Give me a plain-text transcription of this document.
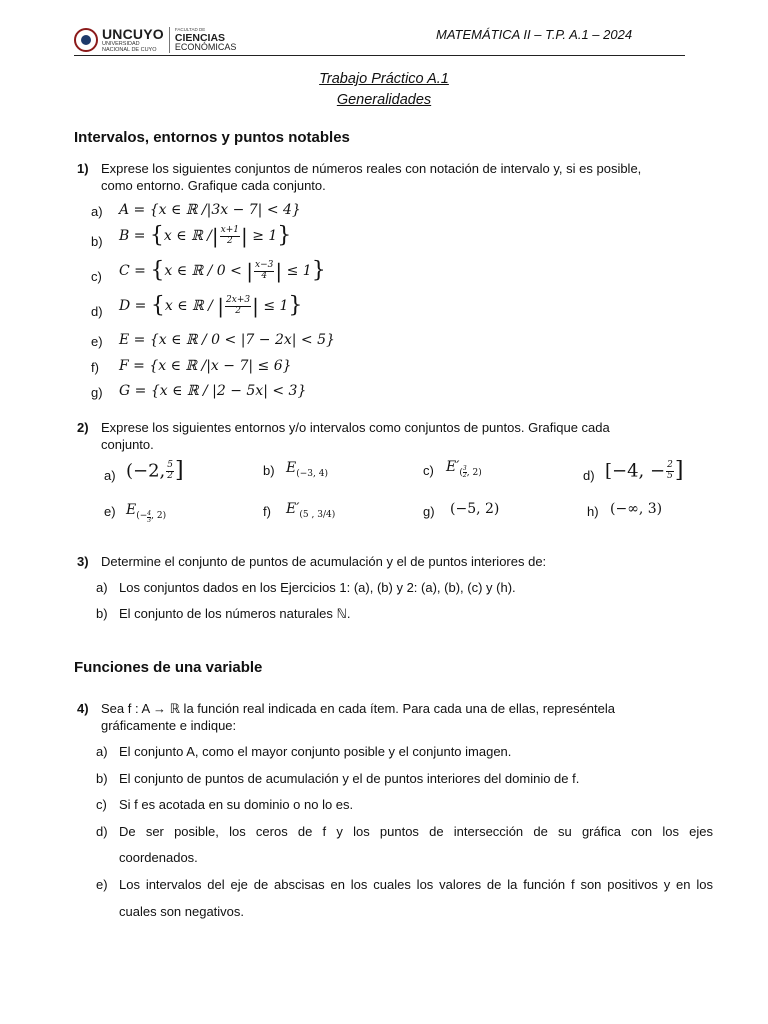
UNCUYO
UNIVERSIDAD
NACIONAL DE CUYO
FACULTAD DE
CIENCIAS
ECONÓMICAS
MATEMÁTICA II – T.P. A.1 – 2024
Trabajo Práctico A.1
Generalidades
Intervalos, entornos y puntos notables
1) Exprese los siguientes conjuntos de números reales con notación de intervalo y, si es posible,
como entorno. Grafique cada conjunto.
a) A = {x ∈ ℝ /|3x − 7| < 4}
b) B = {x ∈ ℝ /| $\frac{x+1}{2}$ | ≥ 1}
c) C = {x ∈ ℝ / 0 < | $\frac{x-3}{4}$ | ≤ 1}
d) D = {x ∈ ℝ / | $\frac{2x+3}{2}$ | ≤ 1}
e) E = {x ∈ ℝ / 0 < |7 − 2x| < 5}
f) F = {x ∈ ℝ /|x − 7| ≤ 6}
g) G = {x ∈ ℝ / |2 − 5x| < 3}
2) Exprese los siguientes entornos y/o intervalos como conjuntos de puntos. Grafique cada
conjunto.
a) (−2, $\frac{5}{2}$ ]	b) $E_{(-3, 4)}$	c) $E'_( \frac{3}{2} _{, 2)}$	d) [−4, − $\frac{2}{5}$ ]
e) $E_{(-} \frac{4}{3} _{, 2)}$	f) $E'_{(5 , 3/4)}$	g) (−5, 2)	h) (−∞, 3)
3) Determine el conjunto de puntos de acumulación y el de puntos interiores de:
a) Los conjuntos dados en los Ejercicios 1: (a), (b) y 2: (a), (b), (c) y (h).
b) El conjunto de los números naturales ℕ.
Funciones de una variable
4) Sea f : A → ℝ la función real indicada en cada ítem. Para cada una de ellas, represéntela
gráficamente e indique:
a) El conjunto A, como el mayor conjunto posible y el conjunto imagen.
b) El conjunto de puntos de acumulación y el de puntos interiores del dominio de f.
c) Si f es acotada en su dominio o no lo es.
d) De ser posible, los ceros de f y los puntos de intersección de su gráfica con los ejes
coordenados.
e) Los intervalos del eje de abscisas en los cuales los valores de la función f son positivos y en los
cuales son negativos.
